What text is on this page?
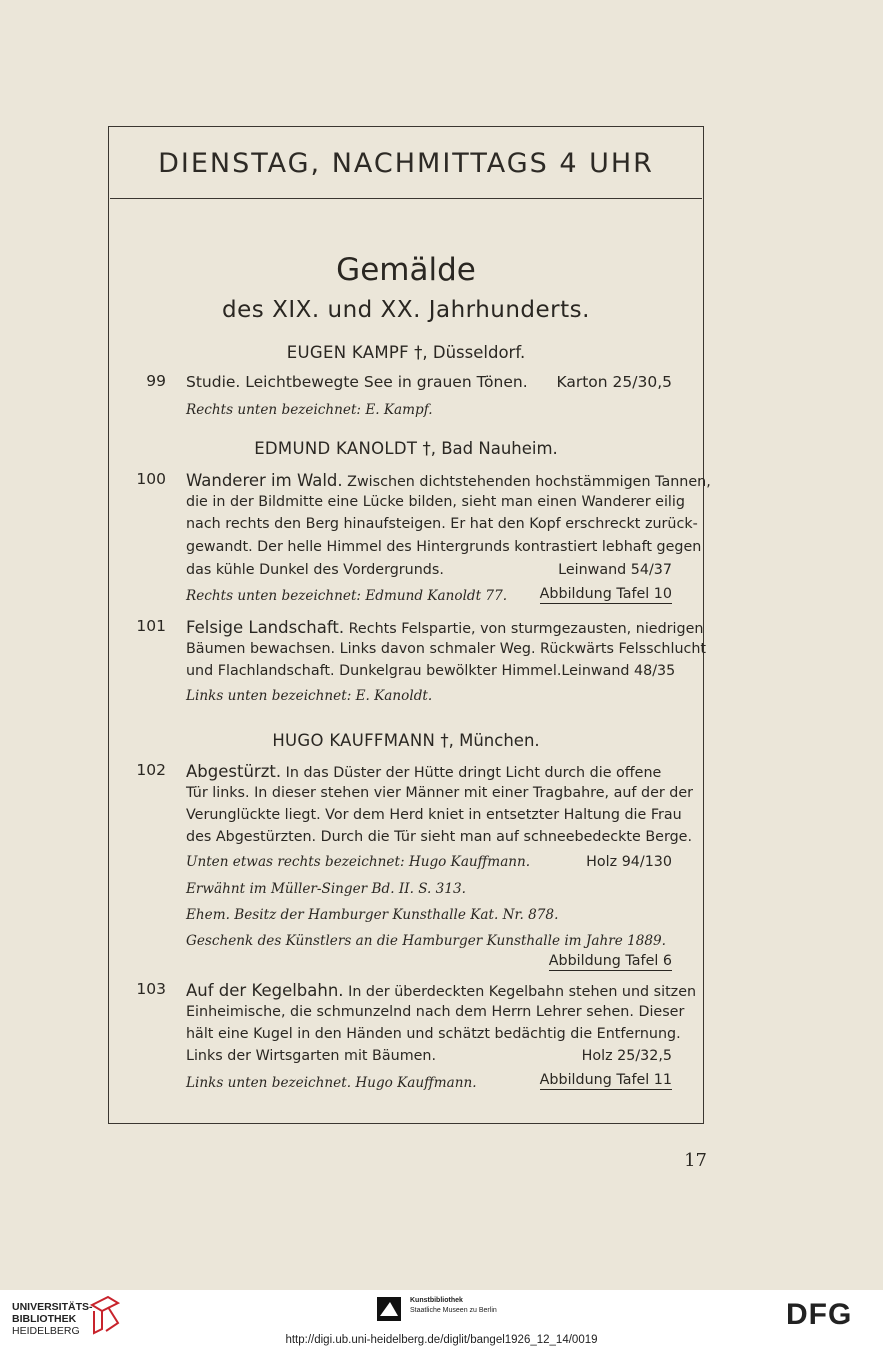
DIENSTAG, NACHMITTAGS 4 UHR
Gemälde
des XIX. und XX. Jahrhunderts.
EUGEN KAMPF †, Düsseldorf.
99 Studie. Leichtbewegte See in grauen Tönen. Karton 25/30,5
Rechts unten bezeichnet: E. Kampf.
EDMUND KANOLDT †, Bad Nauheim.
100 Wanderer im Wald. Zwischen dichtstehenden hochstämmigen Tannen,
die in der Bildmitte eine Lücke bilden, sieht man einen Wanderer eilig
nach rechts den Berg hinaufsteigen. Er hat den Kopf erschreckt zurück-
gewandt. Der helle Himmel des Hintergrunds kontrastiert lebhaft gegen
das kühle Dunkel des Vordergrunds.	Leinwand 54/37
Rechts unten bezeichnet: Edmund Kanoldt 77.	Abbildung Tafel 10
101 Felsige Landschaft. Rechts Felspartie, von sturmgezausten, niedrigen
Bäumen bewachsen. Links davon schmaler Weg. Rückwärts Felsschlucht
und Flachlandschaft. Dunkelgrau bewölkter Himmel. Leinwand 48/35
Links unten bezeichnet: E. Kanoldt.
HUGO KAUFFMANN †, München.
102 Abgestürzt. In das Düster der Hütte dringt Licht durch die offene
Tür links. In dieser stehen vier Männer mit einer Tragbahre, auf der der
Verunglückte liegt. Vor dem Herd kniet in entsetzter Haltung die Frau
des Abgestürzten. Durch die Tür sieht man auf schneebedeckte Berge.
Unten etwas rechts bezeichnet: Hugo Kauffmann.	Holz 94/130
Erwähnt im Müller-Singer Bd. II. S. 313.
Ehem. Besitz der Hamburger Kunsthalle Kat. Nr. 878.
Geschenk des Künstlers an die Hamburger Kunsthalle im Jahre 1889.
Abbildung Tafel 6
103 Auf der Kegelbahn. In der überdeckten Kegelbahn stehen und sitzen
Einheimische, die schmunzelnd nach dem Herrn Lehrer sehen. Dieser
hält eine Kugel in den Händen und schätzt bedächtig die Entfernung.
Links der Wirtsgarten mit Bäumen.	Holz 25/32,5
Links unten bezeichnet. Hugo Kauffmann.	Abbildung Tafel 11
17
UNIVERSITÄTS-
BIBLIOTHEK
HEIDELBERG
Kunstbibliothek
Staatliche Museen zu Berlin	DFG
http://digi.ub.uni-heidelberg.de/diglit/bangel1926_12_14/0019
